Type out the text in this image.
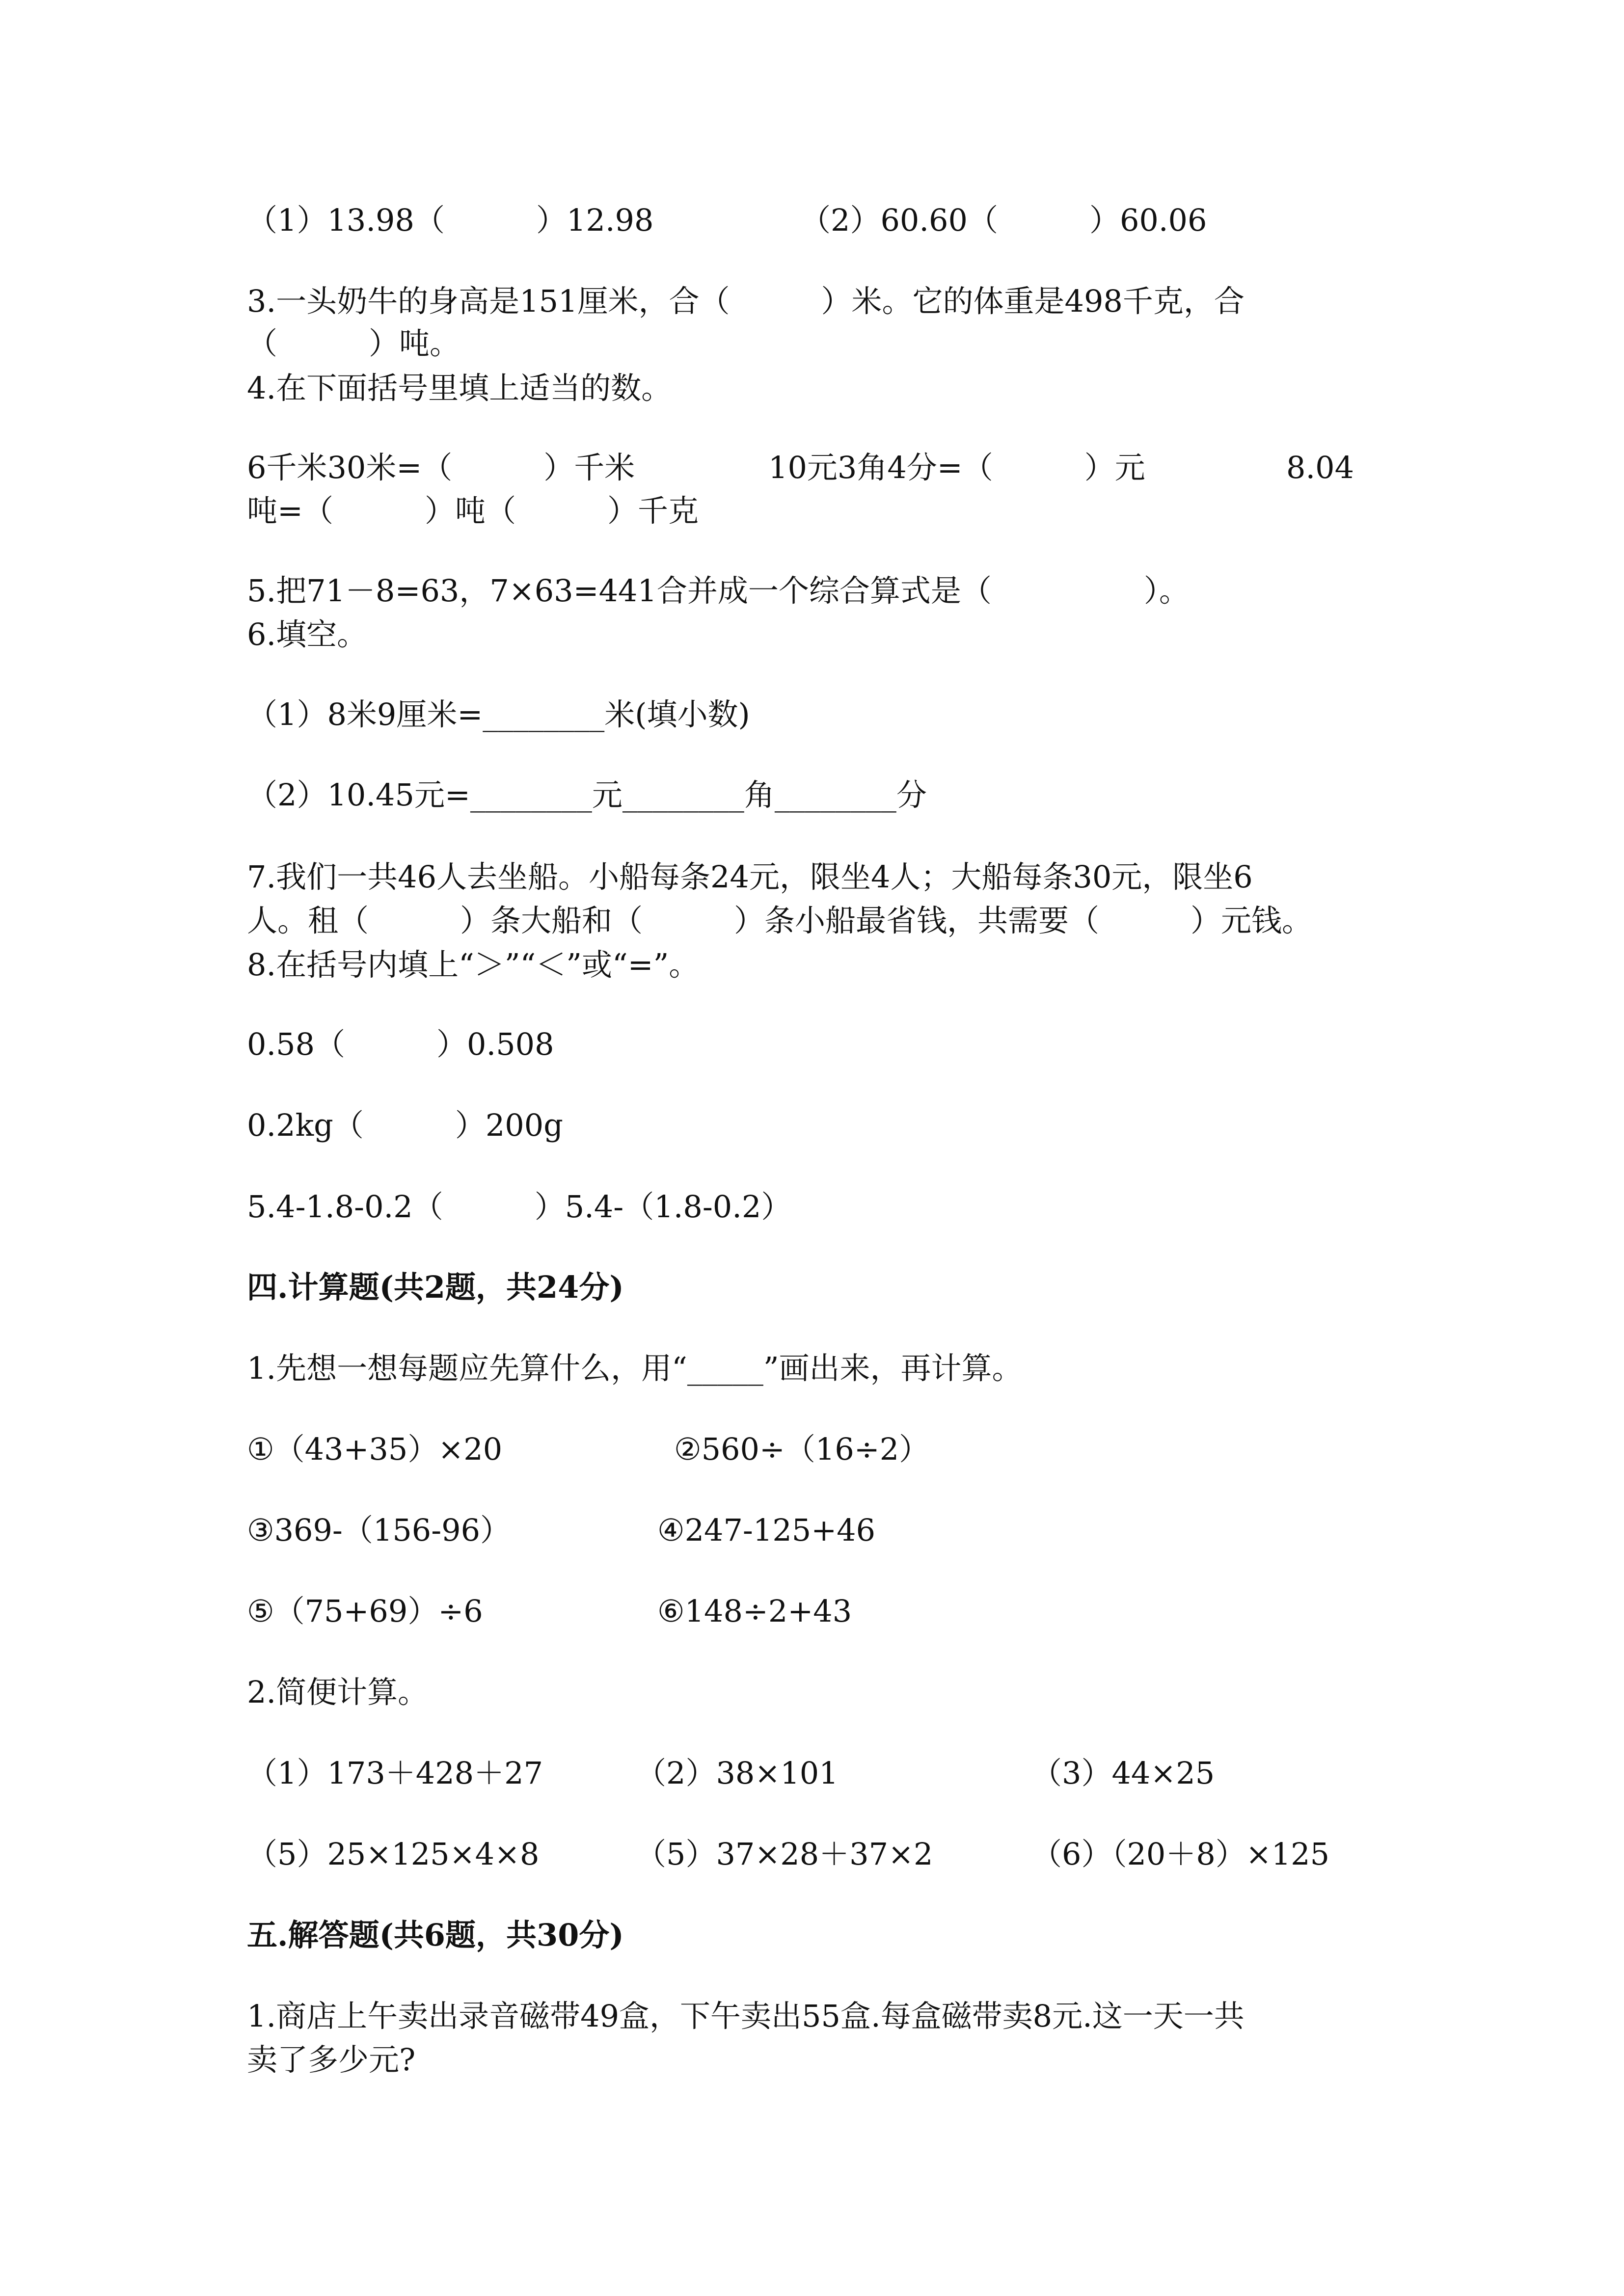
（1）13.98（　　　）12.98	（2）60.60（　　　）60.06

3.一头奶牛的身高是151厘米，合（　　　）米。它的体重是498千克，合

（　　　）吨。

4.在下面括号里填上适当的数。

6千米30米=（　　　）千米	10元3角4分=（　　　）元	8.04

吨=（　　　）吨（　　　）千克

5.把71－8=63，7×63=441合并成一个综合算式是（　　　　　）。

6.填空。

（1）8米9厘米=________米(填小数)

（2）10.45元=________元________角________分

7.我们一共46人去坐船。小船每条24元，限坐4人；大船每条30元，限坐6

人。租（　　　）条大船和（　　　）条小船最省钱，共需要（　　　）元钱。

8.在括号内填上“＞”“＜”或“=”。

0.58（　　　）0.508

0.2kg（　　　）200g

5.4-1.8-0.2（　　　）5.4-（1.8-0.2）

四.计算题(共2题，共24分)

1.先想一想每题应先算什么，用“_____”画出来，再计算。

①（43+35）×20	②560÷（16÷2）

③369-（156-96）	④247-125+46

⑤（75+69）÷6	⑥148÷2+43

2.简便计算。

（1）173＋428＋27	（2）38×101	（3）44×25

（5）25×125×4×8	（5）37×28＋37×2	（6）（20＋8）×125

五.解答题(共6题，共30分)

1.商店上午卖出录音磁带49盒，下午卖出55盒.每盒磁带卖8元.这一天一共

卖了多少元?
